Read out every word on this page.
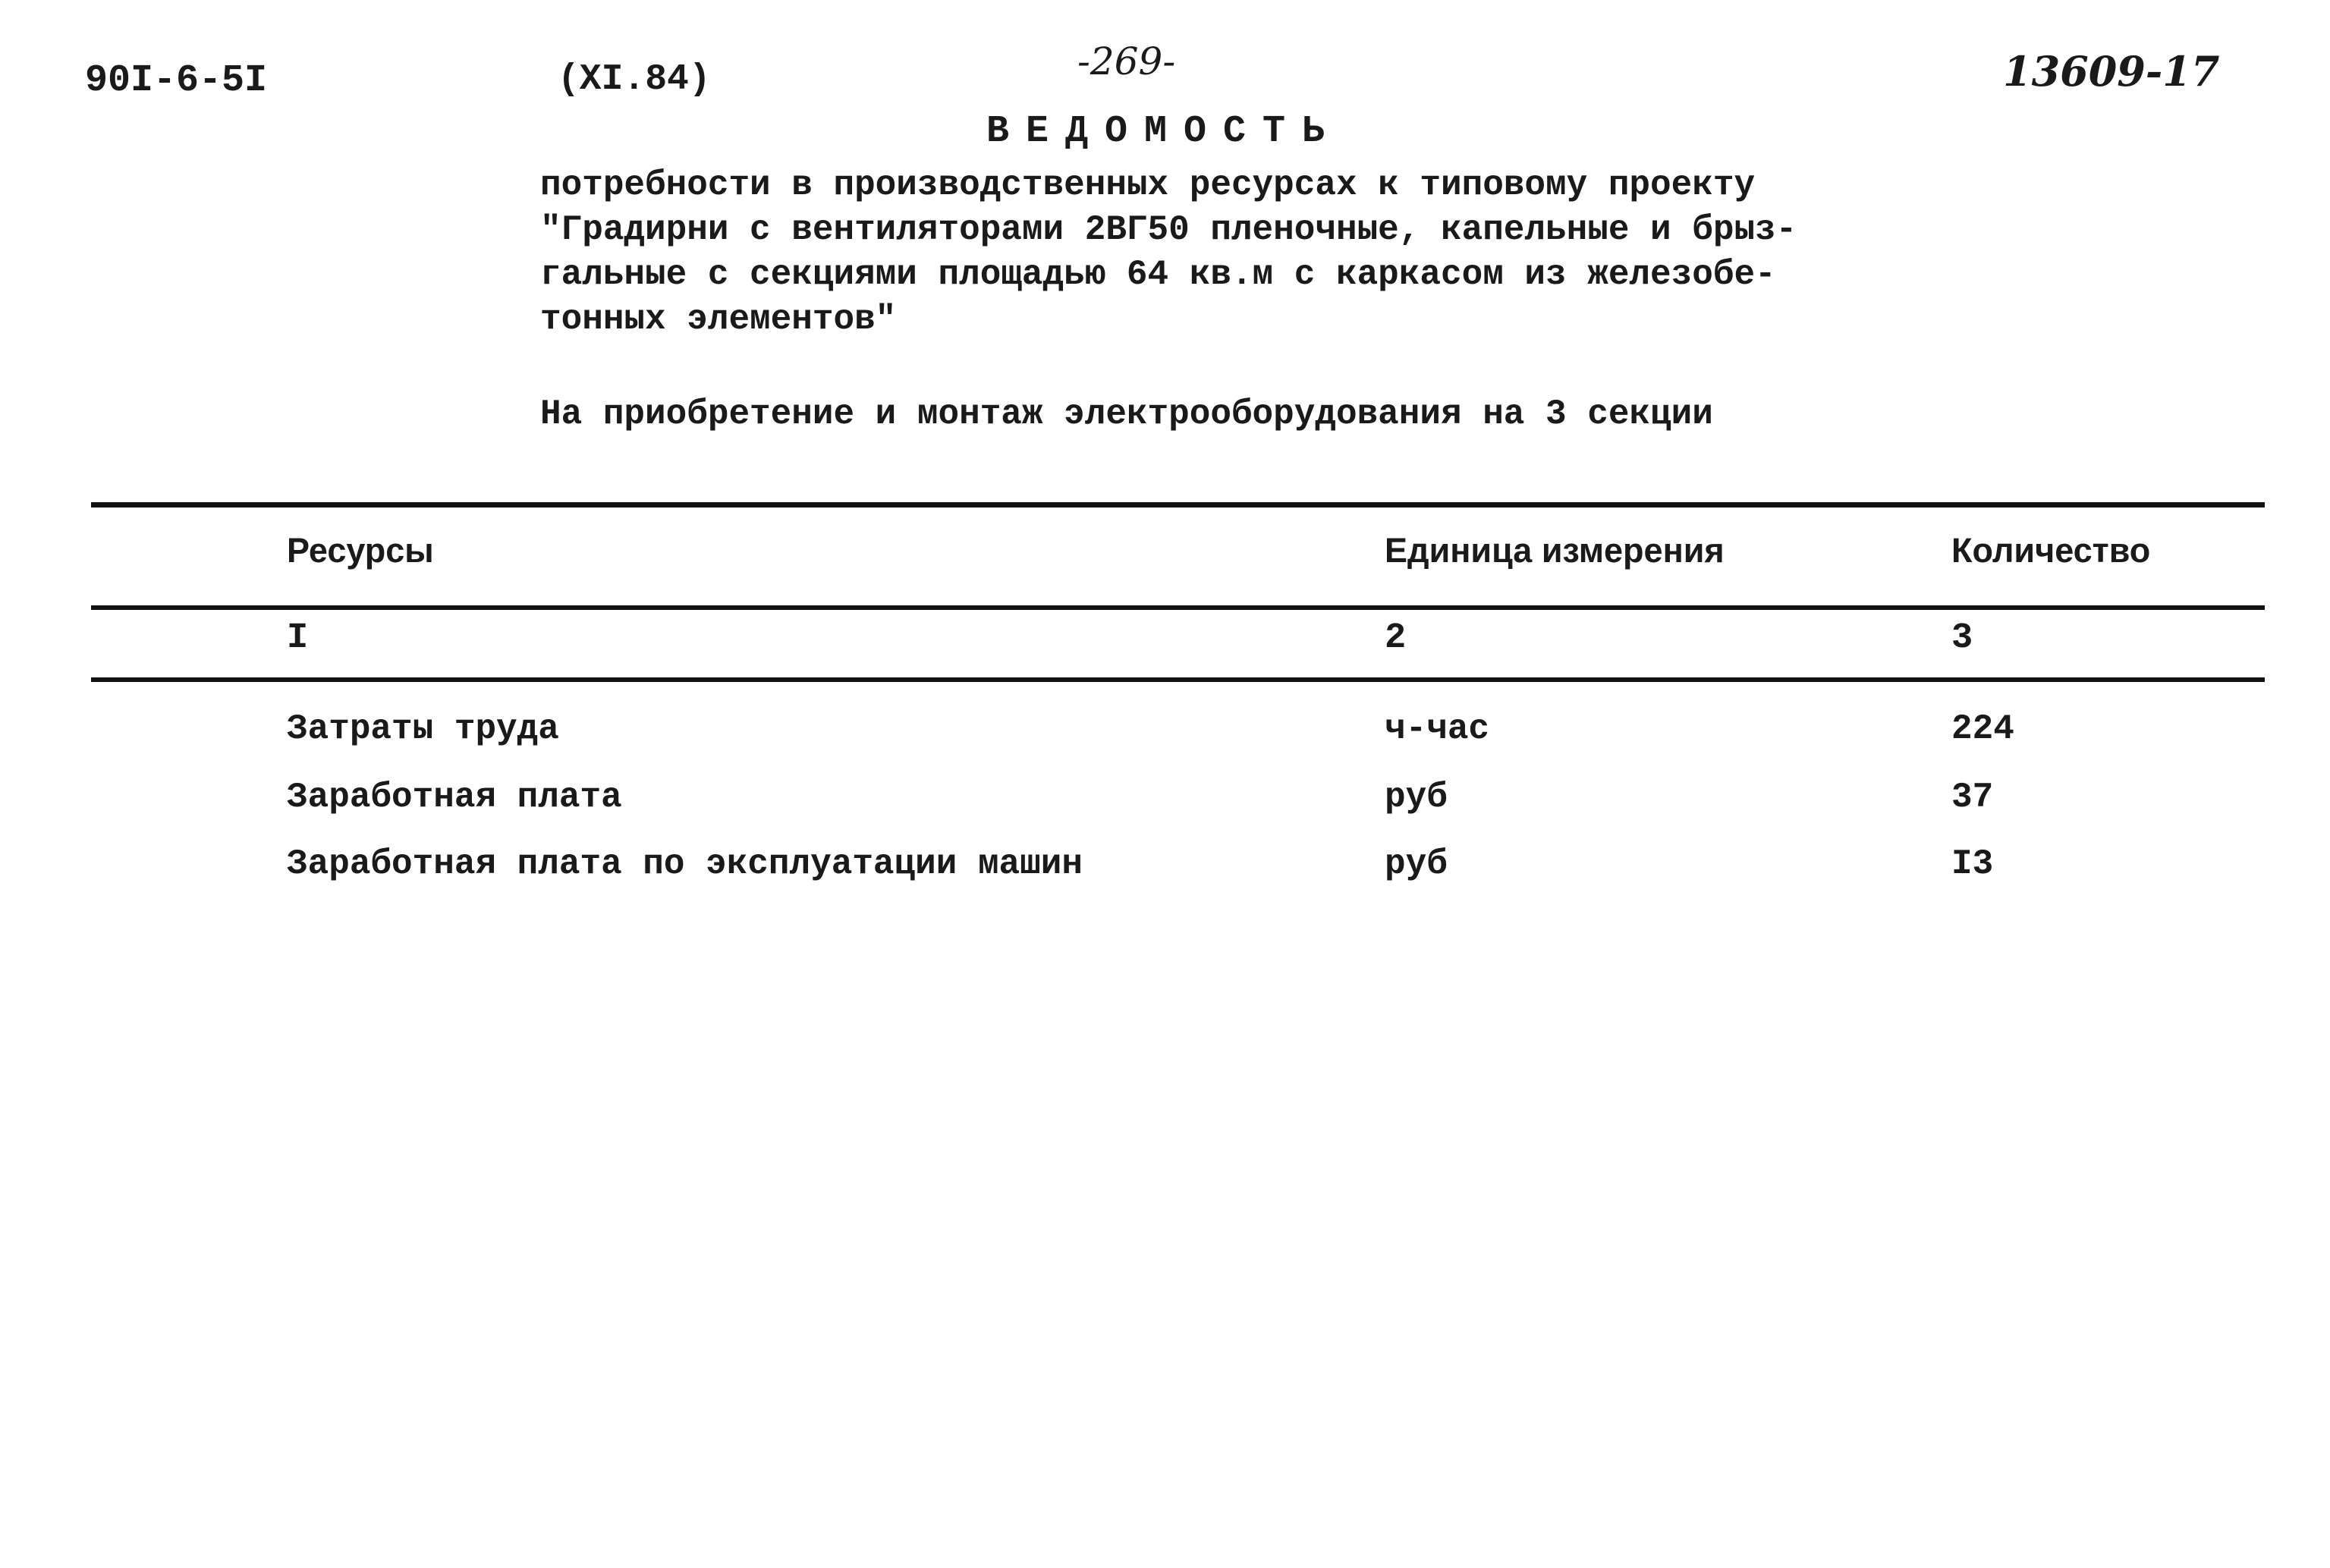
90I-6-5I	(XI.84)	-269-	13609-17
ВЕДОМОСТЬ
потребности в производственных ресурсах к типовому проекту
"Градирни с вентиляторами 2ВГ50 пленочные, капельные и брыз-
гальные с секциями площадью 64 кв.м с каркасом из железобе-
тонных элементов"
На приобретение и монтаж электрооборудования на 3 секции
Ресурсы	Единица измерения	Количество
I	2	3
Затраты труда	ч-час	224
Заработная плата	руб	37
Заработная плата по эксплуатации машин	руб	I3
